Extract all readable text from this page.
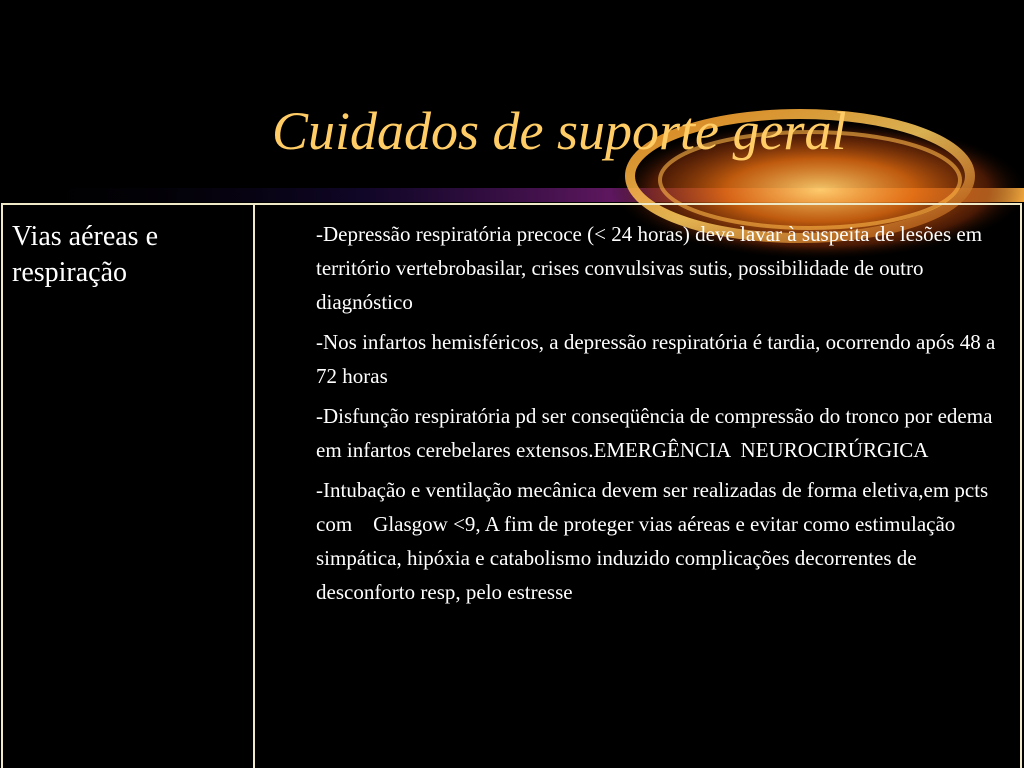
Cuidados de suporte geral
Vias aéreas e respiração

-Depressão respiratória precoce (< 24 horas) deve lavar à suspeita de lesões em território vertebrobasilar, crises convulsivas sutis, possibilidade de outro diagnóstico

-Nos infartos hemisféricos, a depressão respiratória é tardia, ocorrendo após 48 a 72 horas

-Disfunção respiratória pd ser conseqüência de compressão do tronco por edema em infartos cerebelares extensos.EMERGÊNCIA  NEUROCIRÚRGICA

-Intubação e ventilação mecânica devem ser realizadas de forma eletiva,em pcts com    Glasgow <9, A fim de proteger vias aéreas e evitar como estimulação simpática, hipóxia e catabolismo induzido complicações decorrentes de desconforto resp, pelo estresse
